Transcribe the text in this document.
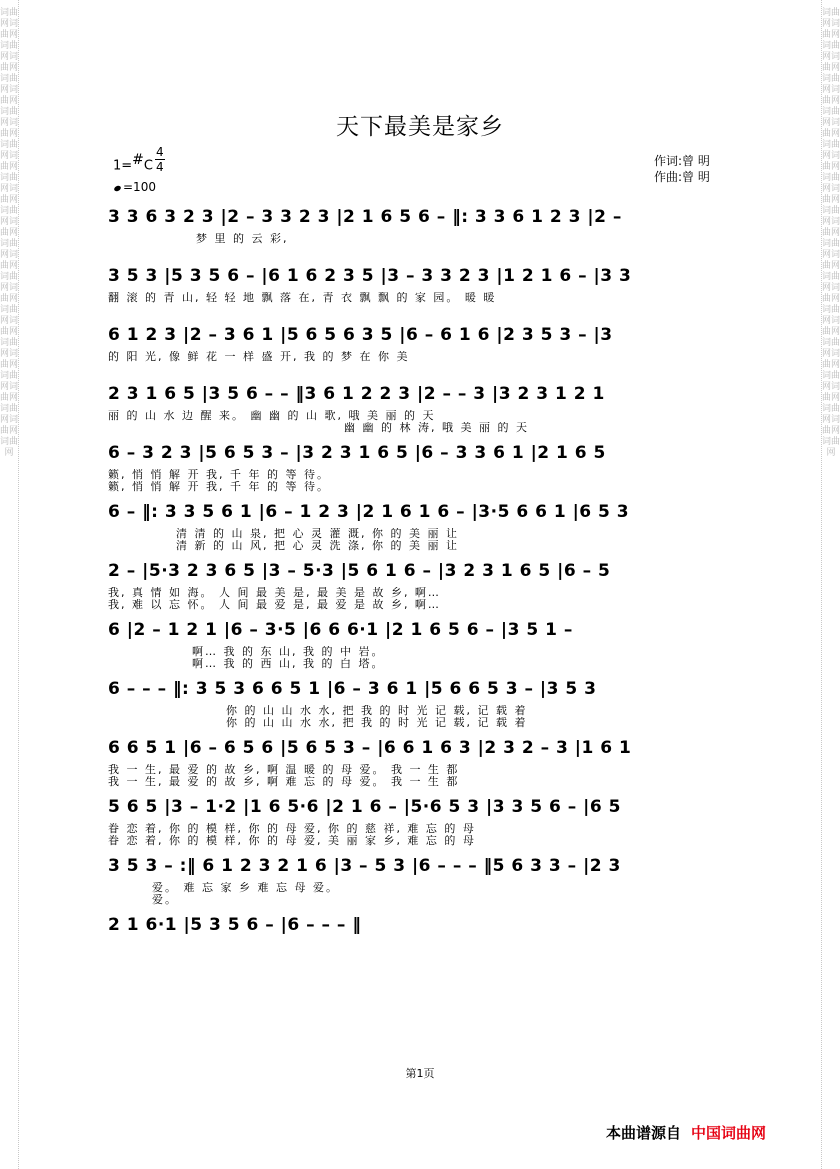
词曲网词曲网词曲网词曲网词曲网词曲网词曲网词曲网词曲网词曲网词曲网词曲网词曲网词曲网词曲网词曲网词曲网词曲网词曲网词曲网词曲网词曲网词曲网词曲网词曲网词曲网词曲网
词曲网词曲网词曲网词曲网词曲网词曲网词曲网词曲网词曲网词曲网词曲网词曲网词曲网词曲网词曲网词曲网词曲网词曲网词曲网词曲网词曲网词曲网词曲网词曲网词曲网词曲网词曲网
天下最美是家乡
1=#C
4
4
=100
作词:曾 明
作曲:曾 明
3 3 6 3 2 3 |2 – 3 3 2 3 |2 1 6 5 6 – ‖: 3 3 6 1 2 3 |2 –
梦 里 的 云 彩,
3 5 3 |5 3 5 6 – |6 1 6 2 3 5 |3 – 3 3 2 3 |1 2 1 6 – |3 3
翻 滚 的 青 山, 轻 轻 地 飘 落 在, 青 衣 飘 飘 的 家 园。 暖 暖
6 1 2 3 |2 – 3 6 1 |5 6 5 6 3 5 |6 – 6 1 6 |2 3 5 3 – |3
的 阳 光, 像 鲜 花 一 样 盛 开, 我 的 梦 在 你 美
2 3 1 6 5 |3 5 6 – – ‖3 6 1 2 2 3 |2 – – 3 |3 2 3 1 2 1
丽 的 山 水 边 醒 来。 幽 幽 的 山 歌, 哦 美 丽 的 天
幽 幽 的 林 涛, 哦 美 丽 的 天
6 – 3 2 3 |5 6 5 3 – |3 2 3 1 6 5 |6 – 3 3 6 1 |2 1 6 5
籁, 悄 悄 解 开 我, 千 年 的 等 待。
籁, 悄 悄 解 开 我, 千 年 的 等 待。
6 – ‖: 3 3 5 6 1 |6 – 1 2 3 |2 1 6 1 6 – |3·5 6 6 1 |6 5 3
清 清 的 山 泉, 把 心 灵 灌 溉, 你 的 美 丽 让
清 新 的 山 风, 把 心 灵 洗 涤, 你 的 美 丽 让
2 – |5·3 2 3 6 5 |3 – 5·3 |5 6 1 6 – |3 2 3 1 6 5 |6 – 5
我, 真 情 如 海。 人 间 最 美 是, 最 美 是 故 乡, 啊…
我, 难 以 忘 怀。 人 间 最 爱 是, 最 爱 是 故 乡, 啊…
6 |2 – 1 2 1 |6 – 3·5 |6 6 6·1 |2 1 6 5 6 – |3 5 1 –
啊… 我 的 东 山, 我 的 中 岩。
啊… 我 的 西 山, 我 的 白 塔。
6 – – – ‖: 3 5 3 6 6 5 1 |6 – 3 6 1 |5 6 6 5 3 – |3 5 3
你 的 山 山 水 水, 把 我 的 时 光 记 载, 记 载 着
你 的 山 山 水 水, 把 我 的 时 光 记 载, 记 载 着
6 6 5 1 |6 – 6 5 6 |5 6 5 3 – |6 6 1 6 3 |2 3 2 – 3 |1 6 1
我 一 生, 最 爱 的 故 乡, 啊 温 暖 的 母 爱。 我 一 生 都
我 一 生, 最 爱 的 故 乡, 啊 难 忘 的 母 爱。 我 一 生 都
5 6 5 |3 – 1·2 |1 6 5·6 |2 1 6 – |5·6 5 3 |3 3 5 6 – |6 5
眷 恋 着, 你 的 模 样, 你 的 母 爱, 你 的 慈 祥, 难 忘 的 母
眷 恋 着, 你 的 模 样, 你 的 母 爱, 美 丽 家 乡, 难 忘 的 母
3 5 3 – :‖ 6 1 2 3 2 1 6 |3 – 5 3 |6 – – – ‖5 6 3 3 – |2 3
爱。 难 忘 家 乡 难 忘 母 爱。
爱。
2 1 6·1 |5 3 5 6 – |6 – – – ‖
第1页
本曲谱源自 中国词曲网
